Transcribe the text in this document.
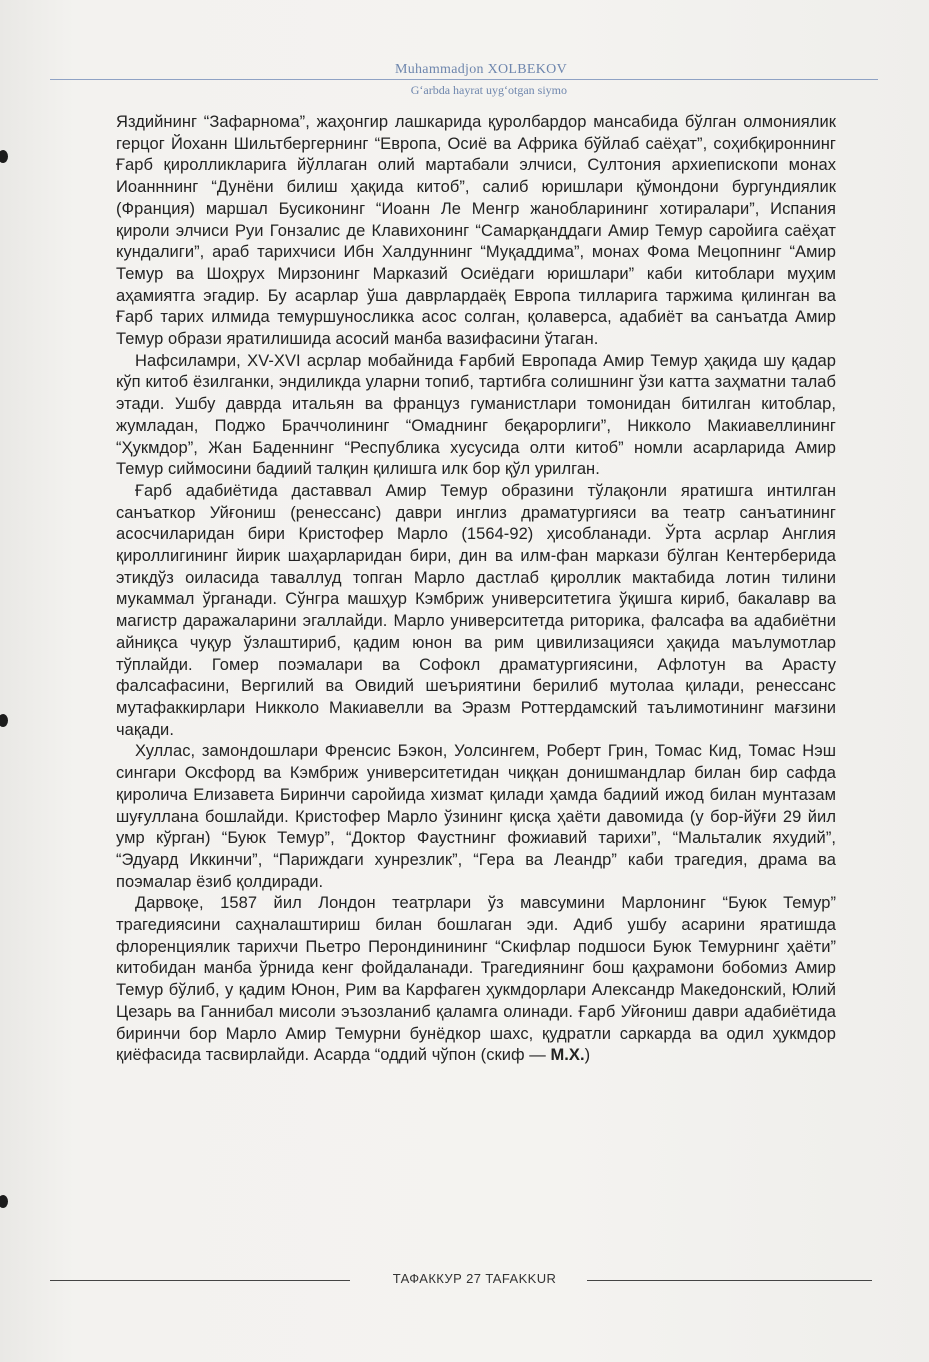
Muhammadjon XOLBEKOV
G‘arbda hayrat uyg‘otgan siymo

Яздийнинг “Зафарнома”, жаҳонгир лашкарида қуролбардор мансабида бўлган олмониялик герцог Йоханн Шильтбергернинг “Европа, Осиё ва Африка бўйлаб саёҳат”, соҳибқироннинг Ғарб қиролликларига йўллаган олий мартабали элчиси, Султония архиепископи монах Иоанннинг “Дунёни билиш ҳақида китоб”, салиб юришлари қўмондони бургундиялик (Франция) маршал Бусиконинг “Иоанн Ле Менгр жанобларининг хотиралари”, Испания қироли элчиси Руи Гонзалис де Клавихонинг “Самарқанддаги Амир Темур саройига саёҳат кундалиги”, араб тарихчиси Ибн Халдуннинг “Муқаддима”, монах Фома Мецопнинг “Амир Темур ва Шоҳрух Мирзонинг Марказий Осиёдаги юришлари” каби китоблари муҳим аҳамиятга эгадир. Бу асарлар ўша даврлардаёқ Европа тилларига таржима қилинган ва Ғарб тарих илмида темуршуносликка асос солган, қолаверса, адабиёт ва санъатда Амир Темур образи яратилишида асосий манба вазифасини ўтаган.

Нафсиламри, XV-XVI асрлар мобайнида Ғарбий Европада Амир Темур ҳақида шу қадар кўп китоб ёзилганки, эндиликда уларни топиб, тартибга солишнинг ўзи катта заҳматни талаб этади. Ушбу даврда итальян ва француз гуманистлари томонидан битилган китоблар, жумладан, Поджо Браччолининг “Омаднинг беқарорлиги”, Никколо Макиавеллининг “Ҳукмдор”, Жан Баденнинг “Республика хусусида олти китоб” номли асарларида Амир Темур сиймосини бадиий талқин қилишга илк бор қўл урилган.

Ғарб адабиётида даставвал Амир Темур образини тўлақонли яратишга интилган санъаткор Уйғониш (ренессанс) даври инглиз драматургияси ва театр санъатининг асосчиларидан бири Кристофер Марло (1564-92) ҳисобланади. Ўрта асрлар Англия қироллигининг йирик шаҳарларидан бири, дин ва илм-фан маркази бўлган Кентерберида этикдўз оиласида таваллуд топган Марло дастлаб қироллик мактабида лотин тилини мукаммал ўрганади. Сўнгра машҳур Кэмбриж университетига ўқишга кириб, бакалавр ва магистр даражаларини эгаллайди. Марло университетда риторика, фалсафа ва адабиётни айниқса чуқур ўзлаштириб, қадим юнон ва рим цивилизацияси ҳақида маълумотлар тўплайди. Гомер поэмалари ва Софокл драматургиясини, Афлотун ва Арасту фалсафасини, Вергилий ва Овидий шеъриятини берилиб мутолаа қилади, ренессанс мутафаккирлари Никколо Макиавелли ва Эразм Роттердамский таълимотининг мағзини чақади.

Хуллас, замондошлари Френсис Бэкон, Уолсингем, Роберт Грин, Томас Кид, Томас Нэш сингари Оксфорд ва Кэмбриж университетидан чиққан донишмандлар билан бир сафда қиролича Елизавета Биринчи саройида хизмат қилади ҳамда бадиий ижод билан мунтазам шуғуллана бошлайди. Кристофер Марло ўзининг қисқа ҳаёти давомида (у бор-йўғи 29 йил умр кўрган) “Буюк Темур”, “Доктор Фаустнинг фожиавий тарихи”, “Мальталик яхудий”, “Эдуард Иккинчи”, “Париждаги хунрезлик”, “Гера ва Леандр” каби трагедия, драма ва поэмалар ёзиб қолдиради.

Дарвоқе, 1587 йил Лондон театрлари ўз мавсумини Марлонинг “Буюк Темур” трагедиясини саҳналаштириш билан бошлаган эди. Адиб ушбу асарини яратишда флоренциялик тарихчи Пьетро Перондинининг “Скифлар подшоси Буюк Темурнинг ҳаёти” китобидан манба ўрнида кенг фойдаланади. Трагедиянинг бош қаҳрамони бобомиз Амир Темур бўлиб, у қадим Юнон, Рим ва Карфаген ҳукмдорлари Александр Македонский, Юлий Цезарь ва Ганнибал мисоли эъзозланиб қаламга олинади. Ғарб Уйғониш даври адабиётида биринчи бор Марло Амир Темурни бунёдкор шахс, қудратли саркарда ва одил ҳукмдор қиёфасида тасвирлайди. Асарда “оддий чўпон (скиф — М.Х.)

ТАФАККУР 27 TAFAKKUR
